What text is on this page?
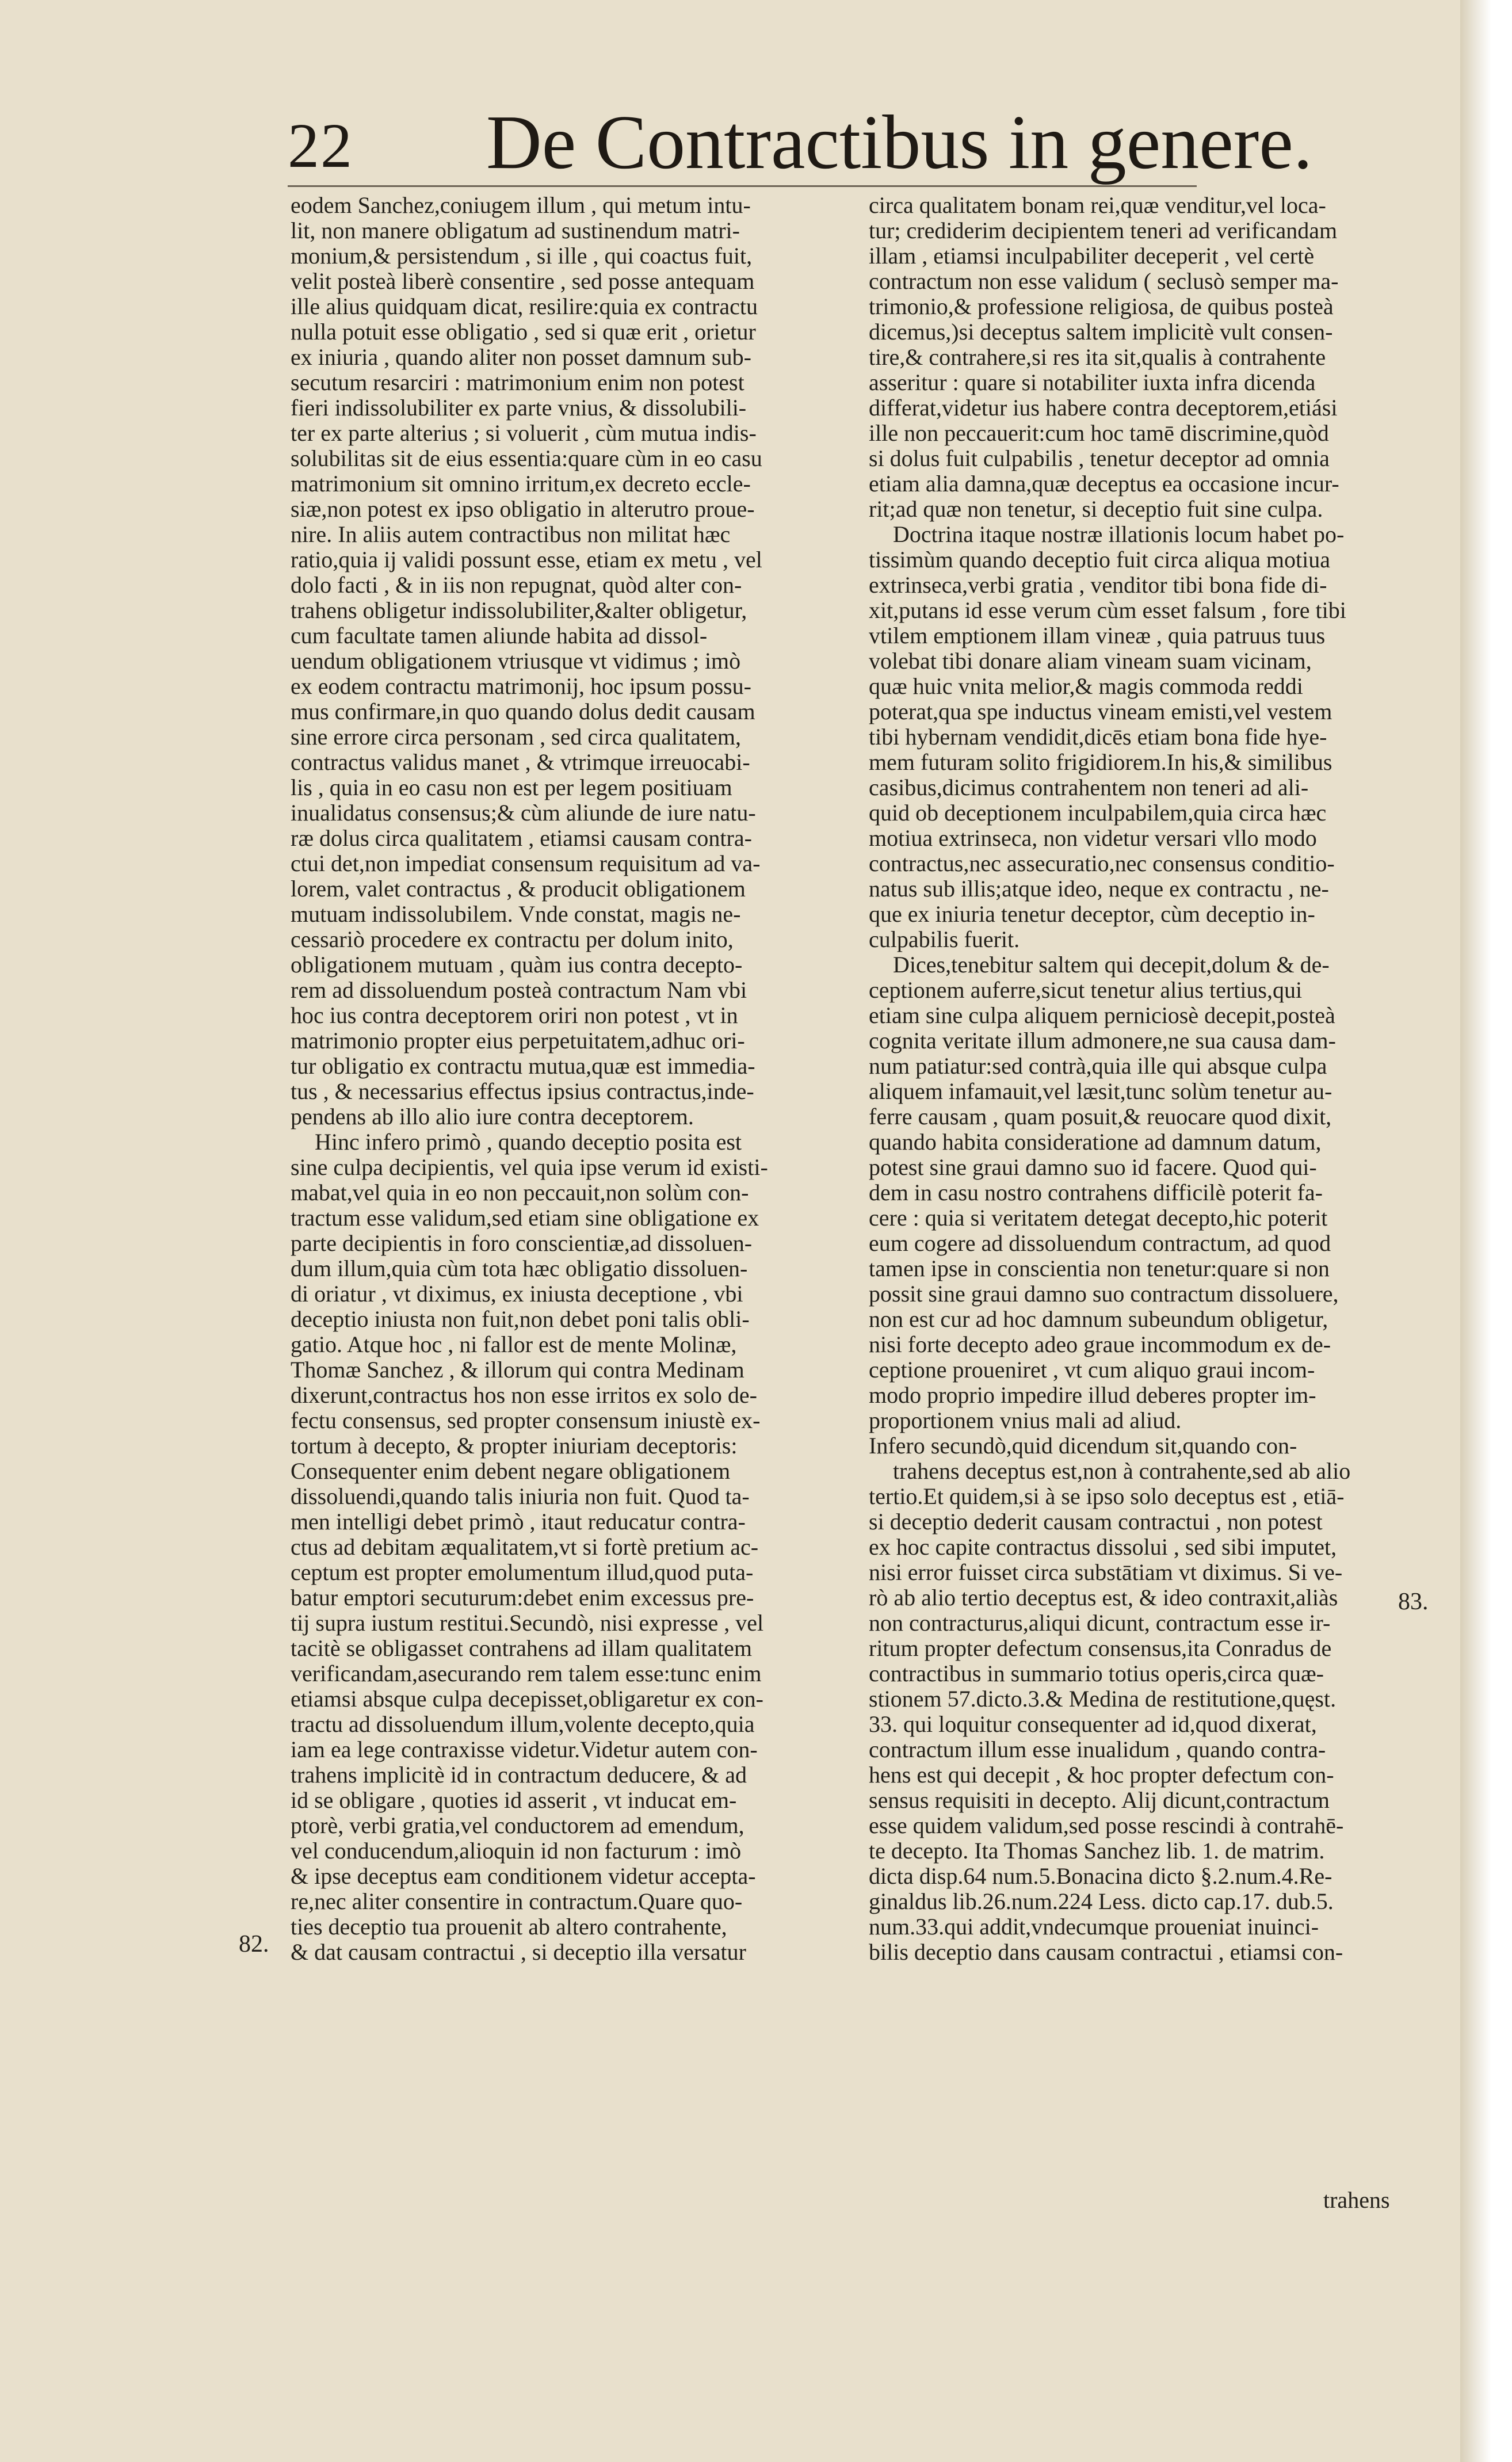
22 De Contractibus in genere.
eodem Sanchez,coniugem illum , qui metum intu-
lit, non manere obligatum ad sustinendum matri-
monium,& persistendum , si ille , qui coactus fuit,
velit posteà liberè consentire , sed posse antequam
ille alius quidquam dicat, resilire:quia ex contractu
nulla potuit esse obligatio , sed si quæ erit , orietur
ex iniuria , quando aliter non posset damnum sub-
secutum resarciri : matrimonium enim non potest
fieri indissolubiliter ex parte vnius, & dissolubili-
ter ex parte alterius ; si voluerit , cùm mutua indis-
solubilitas sit de eius essentia:quare cùm in eo casu
matrimonium sit omnino irritum,ex decreto eccle-
siæ,non potest ex ipso obligatio in alterutro proue-
nire. In aliis autem contractibus non militat hæc
ratio,quia ij validi possunt esse, etiam ex metu , vel
dolo facti , & in iis non repugnat, quòd alter con-
trahens obligetur indissolubiliter,&alter obligetur,
cum facultate tamen aliunde habita ad dissol-
uendum obligationem vtriusque vt vidimus ; imò
ex eodem contractu matrimonij, hoc ipsum possu-
mus confirmare,in quo quando dolus dedit causam
sine errore circa personam , sed circa qualitatem,
contractus validus manet , & vtrimque irreuocabi-
lis , quia in eo casu non est per legem positiuam
inualidatus consensus;& cùm aliunde de iure natu-
ræ dolus circa qualitatem , etiamsi causam contra-
ctui det,non impediat consensum requisitum ad va-
lorem, valet contractus , & producit obligationem
mutuam indissolubilem. Vnde constat, magis ne-
cessariò procedere ex contractu per dolum inito,
obligationem mutuam , quàm ius contra decepto-
rem ad dissoluendum posteà contractum Nam vbi
hoc ius contra deceptorem oriri non potest , vt in
matrimonio propter eius perpetuitatem,adhuc ori-
tur obligatio ex contractu mutua,quæ est immedia-
tus , & necessarius effectus ipsius contractus,inde-
pendens ab illo alio iure contra deceptorem.
Hinc infero primò , quando deceptio posita est
sine culpa decipientis, vel quia ipse verum id existi-
mabat,vel quia in eo non peccauit,non solùm con-
tractum esse validum,sed etiam sine obligatione ex
parte decipientis in foro conscientiæ,ad dissoluen-
dum illum,quia cùm tota hæc obligatio dissoluen-
di oriatur , vt diximus, ex iniusta deceptione , vbi
deceptio iniusta non fuit,non debet poni talis obli-
gatio. Atque hoc , ni fallor est de mente Molinæ,
Thomæ Sanchez , & illorum qui contra Medinam
dixerunt,contractus hos non esse irritos ex solo de-
fectu consensus, sed propter consensum iniustè ex-
tortum à decepto, & propter iniuriam deceptoris:
Consequenter enim debent negare obligationem
dissoluendi,quando talis iniuria non fuit. Quod ta-
men intelligi debet primò , itaut reducatur contra-
ctus ad debitam æqualitatem,vt si fortè pretium ac-
ceptum est propter emolumentum illud,quod puta-
batur emptori secuturum:debet enim excessus pre-
tij supra iustum restitui.Secundò, nisi expresse , vel
tacitè se obligasset contrahens ad illam qualitatem
verificandam,asecurando rem talem esse:tunc enim
etiamsi absque culpa decepisset,obligaretur ex con-
tractu ad dissoluendum illum,volente decepto,quia
iam ea lege contraxisse videtur.Videtur autem con-
trahens implicitè id in contractum deducere, & ad
id se obligare , quoties id asserit , vt inducat em-
ptorè, verbi gratia,vel conductorem ad emendum,
vel conducendum,alioquin id non facturum : imò
& ipse deceptus eam conditionem videtur accepta-
re,nec aliter consentire in contractum.Quare quo-
ties deceptio tua prouenit ab altero contrahente,
& dat causam contractui , si deceptio illa versatur
circa qualitatem bonam rei,quæ venditur,vel loca-
tur; crediderim decipientem teneri ad verificandam
illam , etiamsi inculpabiliter deceperit , vel certè
contractum non esse validum ( seclusò semper ma-
trimonio,& professione religiosa, de quibus posteà
dicemus,)si deceptus saltem implicitè vult consen-
tire,& contrahere,si res ita sit,qualis à contrahente
asseritur : quare si notabiliter iuxta infra dicenda
differat,videtur ius habere contra deceptorem,etiási
ille non peccauerit:cum hoc tamē discrimine,quòd
si dolus fuit culpabilis , tenetur deceptor ad omnia
etiam alia damna,quæ deceptus ea occasione incur-
rit;ad quæ non tenetur, si deceptio fuit sine culpa.
Doctrina itaque nostræ illationis locum habet po-
tissimùm quando deceptio fuit circa aliqua motiua
extrinseca,verbi gratia , venditor tibi bona fide di-
xit,putans id esse verum cùm esset falsum , fore tibi
vtilem emptionem illam vineæ , quia patruus tuus
volebat tibi donare aliam vineam suam vicinam,
quæ huic vnita melior,& magis commoda reddi
poterat,qua spe inductus vineam emisti,vel vestem
tibi hybernam vendidit,dicēs etiam bona fide hye-
mem futuram solito frigidiorem.In his,& similibus
casibus,dicimus contrahentem non teneri ad ali-
quid ob deceptionem inculpabilem,quia circa hæc
motiua extrinseca, non videtur versari vllo modo
contractus,nec assecuratio,nec consensus conditio-
natus sub illis;atque ideo, neque ex contractu , ne-
que ex iniuria tenetur deceptor, cùm deceptio in-
culpabilis fuerit.
Dices,tenebitur saltem qui decepit,dolum & de-
ceptionem auferre,sicut tenetur alius tertius,qui
etiam sine culpa aliquem perniciosè decepit,posteà
cognita veritate illum admonere,ne sua causa dam-
num patiatur:sed contrà,quia ille qui absque culpa
aliquem infamauit,vel læsit,tunc solùm tenetur au-
ferre causam , quam posuit,& reuocare quod dixit,
quando habita consideratione ad damnum datum,
potest sine graui damno suo id facere. Quod qui-
dem in casu nostro contrahens difficilè poterit fa-
cere : quia si veritatem detegat decepto,hic poterit
eum cogere ad dissoluendum contractum, ad quod
tamen ipse in conscientia non tenetur:quare si non
possit sine graui damno suo contractum dissoluere,
non est cur ad hoc damnum subeundum obligetur,
nisi forte decepto adeo graue incommodum ex de-
ceptione proueniret , vt cum aliquo graui incom-
modo proprio impedire illud deberes propter im-
proportionem vnius mali ad aliud.
Infero secundò,quid dicendum sit,quando con-
trahens deceptus est,non à contrahente,sed ab alio
tertio.Et quidem,si à se ipso solo deceptus est , etiā-
si deceptio dederit causam contractui , non potest
ex hoc capite contractus dissolui , sed sibi imputet,
nisi error fuisset circa substātiam vt diximus. Si ve-
rò ab alio tertio deceptus est, & ideo contraxit,aliàs
non contracturus,aliqui dicunt, contractum esse ir-
ritum propter defectum consensus,ita Conradus de
contractibus in summario totius operis,circa quæ-
stionem 57.dicto.3.& Medina de restitutione,quęst.
33. qui loquitur consequenter ad id,quod dixerat,
contractum illum esse inualidum , quando contra-
hens est qui decepit , & hoc propter defectum con-
sensus requisiti in decepto. Alij dicunt,contractum
esse quidem validum,sed posse rescindi à contrahē-
te decepto. Ita Thomas Sanchez lib. 1. de matrim.
dicta disp.64 num.5.Bonacina dicto §.2.num.4.Re-
ginaldus lib.26.num.224 Less. dicto cap.17. dub.5.
num.33.qui addit,vndecumque proueniat inuinci-
bilis deceptio dans causam contractui , etiamsi con-
82.
83.
trahens
